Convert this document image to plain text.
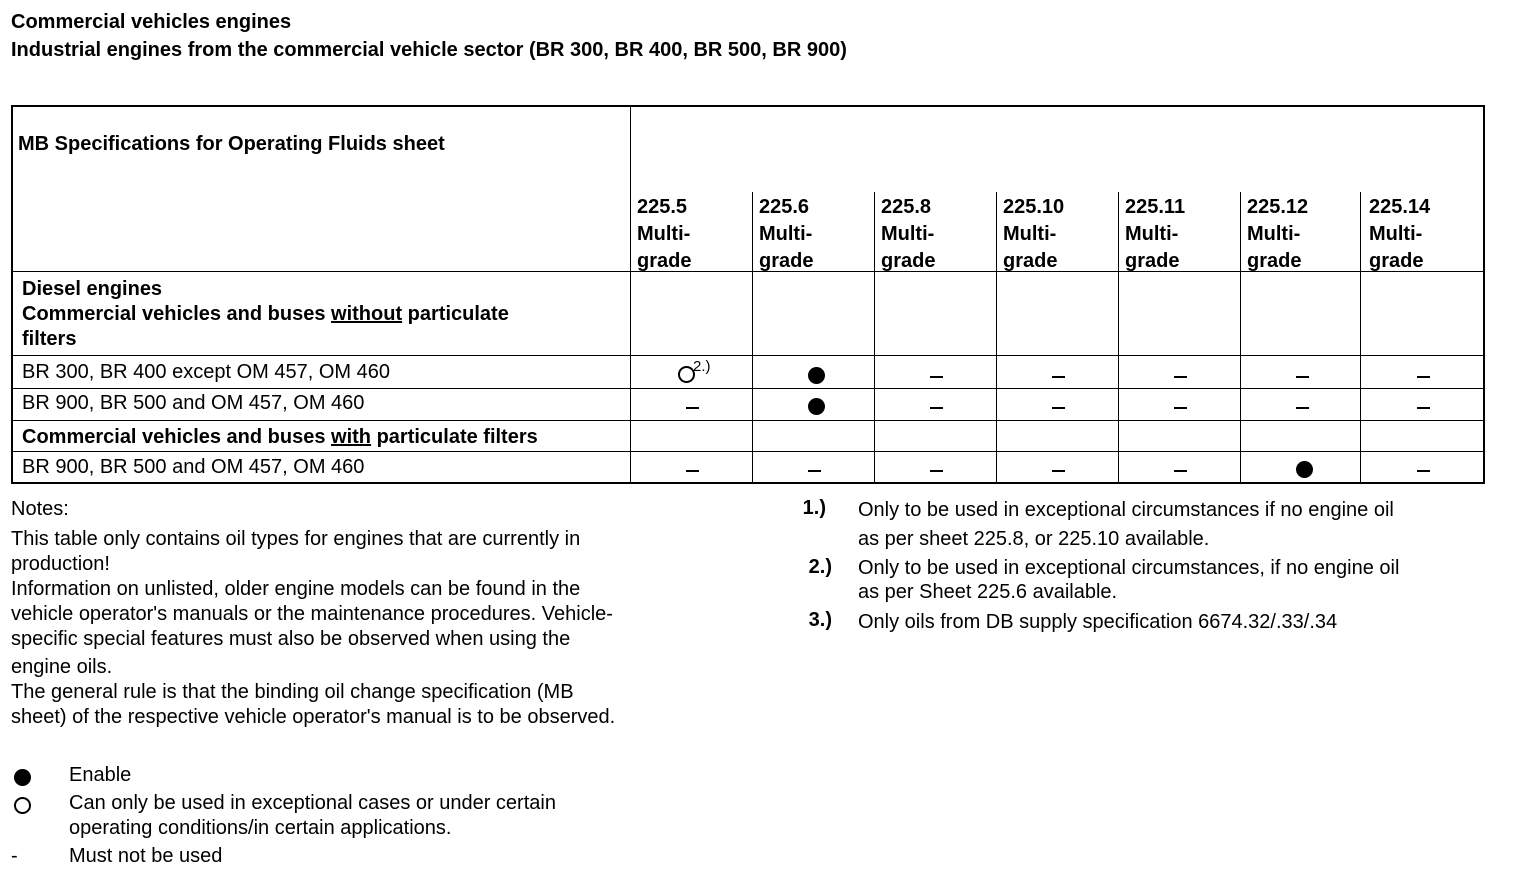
Commercial vehicles engines
Industrial engines from the commercial vehicle sector (BR 300, BR 400, BR 500, BR 900)
MB Specifications for Operating Fluids sheet
225.5
Multi-
grade
225.6
Multi-
grade
225.8
Multi-
grade
225.10
Multi-
grade
225.11
Multi-
grade
225.12
Multi-
grade
225.14
Multi-
grade
Diesel engines
Commercial vehicles and buses without particulate
filters
BR 300, BR 400 except OM 457, OM 460
BR 900, BR 500 and OM 457, OM 460
Commercial vehicles and buses with particulate filters
BR 900, BR 500 and OM 457, OM 460
2.)
Notes:
This table only contains oil types for engines that are currently in
production!
Information on unlisted, older engine models can be found in the
vehicle operator's manuals or the maintenance procedures. Vehicle-
specific special features must also be observed when using the
engine oils.
The general rule is that the binding oil change specification (MB
sheet) of the respective vehicle operator's manual is to be observed.
1.) Only to be used in exceptional circumstances if no engine oil
as per sheet 225.8, or 225.10 available.
2.) Only to be used in exceptional circumstances, if no engine oil
as per Sheet 225.6 available.
3.) Only oils from DB supply specification 6674.32/.33/.34
Enable
Can only be used in exceptional cases or under certain
operating conditions/in certain applications.
-	Must not be used
